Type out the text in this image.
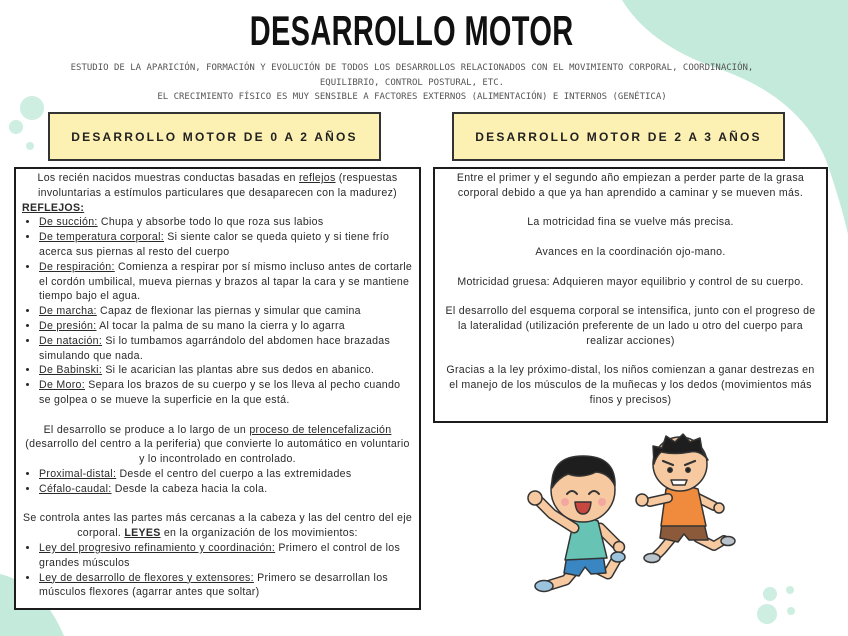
DESARROLLO MOTOR

ESTUDIO DE LA APARICIÓN, FORMACIÓN Y EVOLUCIÓN DE TODOS LOS DESARROLLOS RELACIONADOS CON EL MOVIMIENTO CORPORAL, COORDINACIÓN, EQUILIBRIO, CONTROL POSTURAL, ETC.

EL CRECIMIENTO FÍSICO ES MUY SENSIBLE A FACTORES EXTERNOS (ALIMENTACIÓN) E INTERNOS (GENÉTICA)

DESARROLLO MOTOR DE 0 A 2 AÑOS	DESARROLLO MOTOR DE 2 A 3 AÑOS

Los recién nacidos muestras conductas basadas en reflejos (respuestas involuntarias a estímulos particulares que desaparecen con la madurez)

REFLEJOS:

• De succión: Chupa y absorbe todo lo que roza sus labios
• De temperatura corporal: Si siente calor se queda quieto y si tiene frío acerca sus piernas al resto del cuerpo
• De respiración: Comienza a respirar por sí mismo incluso antes de cortarle el cordón umbilical, mueva piernas y brazos al tapar la cara y se mantiene tiempo bajo el agua.
• De marcha: Capaz de flexionar las piernas y simular que camina
• De presión: Al tocar la palma de su mano la cierra y lo agarra
• De natación: Si lo tumbamos agarrándolo del abdomen hace brazadas simulando que nada.
• De Babinski: Si le acarician las plantas abre sus dedos en abanico.
• De Moro: Separa los brazos de su cuerpo y se los lleva al pecho cuando se golpea o se mueve la superficie en la que está.

El desarrollo se produce a lo largo de un proceso de telencefalización (desarrollo del centro a la periferia) que convierte lo automático en voluntario y lo incontrolado en controlado.

• Proximal-distal: Desde el centro del cuerpo a las extremidades
• Céfalo-caudal: Desde la cabeza hacia la cola.

Se controla antes las partes más cercanas a la cabeza y las del centro del eje corporal. LEYES en la organización de los movimientos:

• Ley del progresivo refinamiento y coordinación: Primero el control de los grandes músculos
• Ley de desarrollo de flexores y extensores: Primero se desarrollan los músculos flexores (agarrar antes que soltar)

Entre el primer y el segundo año empiezan a perder parte de la grasa corporal debido a que ya han aprendido a caminar y se mueven más.

La motricidad fina se vuelve más precisa.

Avances en la coordinación ojo-mano.

Motricidad gruesa: Adquieren mayor equilibrio y control de su cuerpo.

El desarrollo del esquema corporal se intensifica, junto con el progreso de la lateralidad (utilización preferente de un lado u otro del cuerpo para realizar acciones)

Gracias a la ley próximo-distal, los niños comienzan a ganar destrezas en el manejo de los músculos de la muñecas y los dedos (movimientos más finos y precisos)
